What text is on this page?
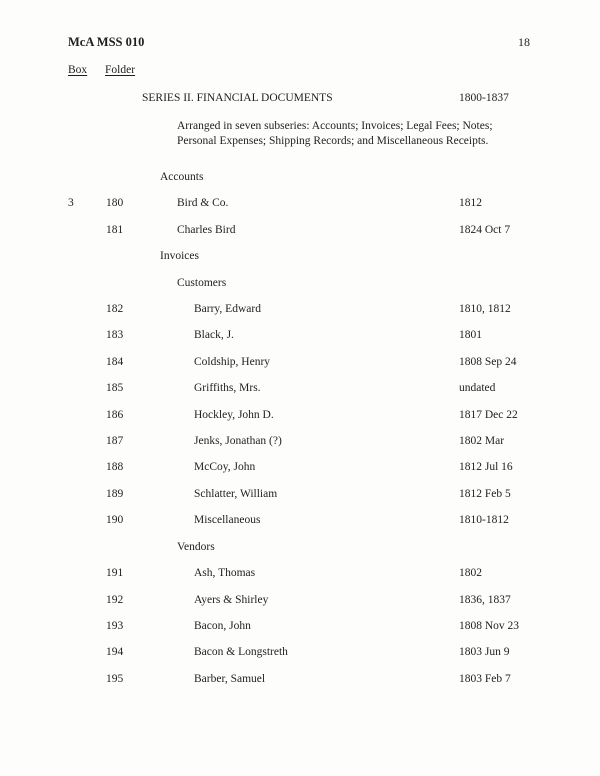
McA MSS 010	18
Box Folder
SERIES II. FINANCIAL DOCUMENTS	1800-1837
Arranged in seven subseries: Accounts; Invoices; Legal Fees; Notes;
Personal Expenses; Shipping Records; and Miscellaneous Receipts.
Accounts
3	180	Bird & Co.	1812
181	Charles Bird	1824 Oct 7
Invoices
Customers
182	Barry, Edward	1810, 1812
183	Black, J.	1801
184	Coldship, Henry	1808 Sep 24
185	Griffiths, Mrs.	undated
186	Hockley, John D.	1817 Dec 22
187	Jenks, Jonathan (?)	1802 Mar
188	McCoy, John	1812 Jul 16
189	Schlatter, William	1812 Feb 5
190	Miscellaneous	1810-1812
Vendors
191	Ash, Thomas	1802
192	Ayers & Shirley	1836, 1837
193	Bacon, John	1808 Nov 23
194	Bacon & Longstreth	1803 Jun 9
195	Barber, Samuel	1803 Feb 7
